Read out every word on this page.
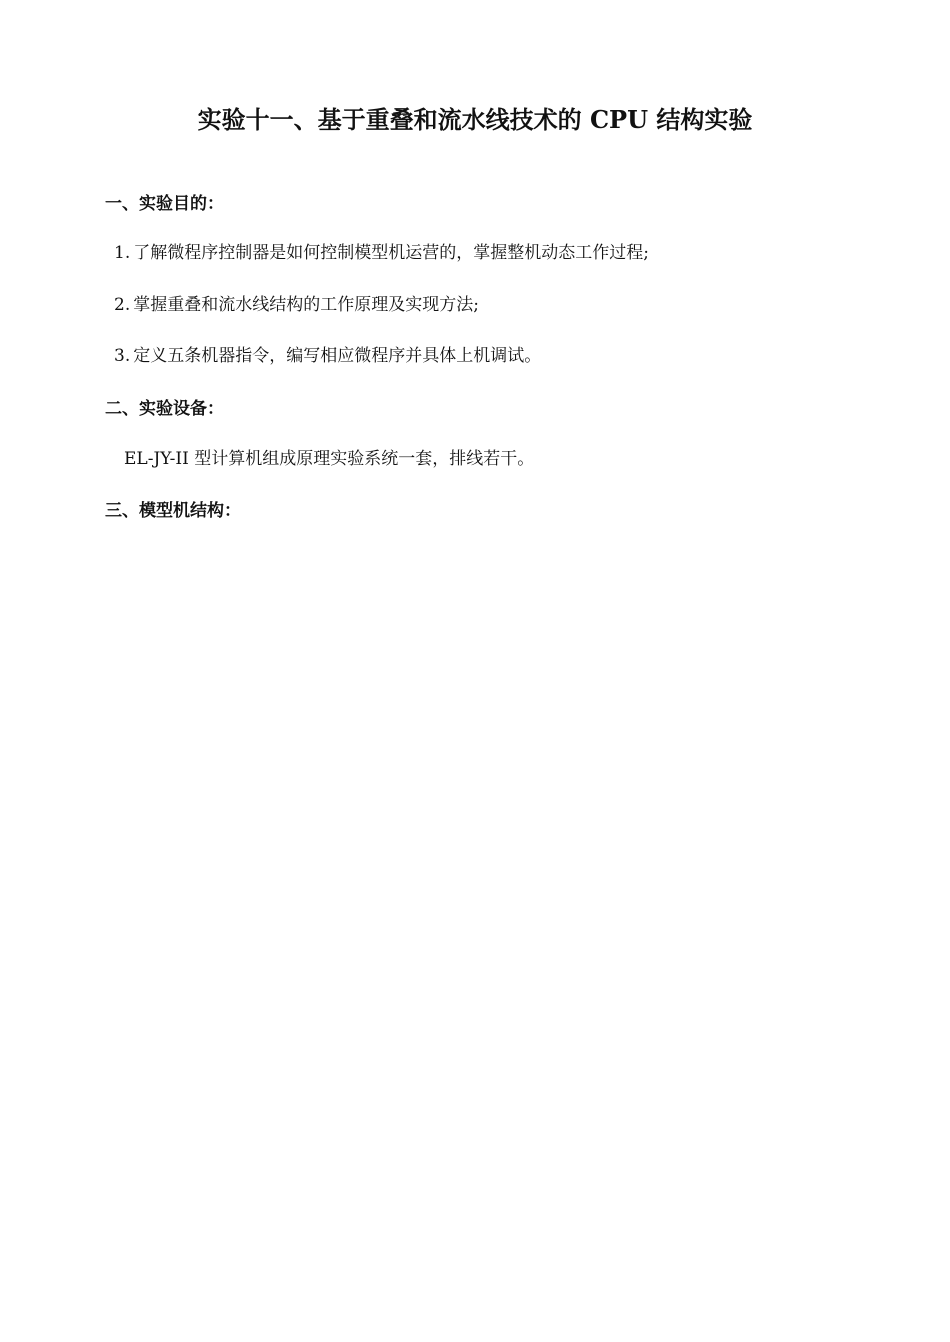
实验十一、基于重叠和流水线技术的 CPU 结构实验
一、实验目的：
1. 了解微程序控制器是如何控制模型机运营的，掌握整机动态工作过程;
2. 掌握重叠和流水线结构的工作原理及实现方法;
3. 定义五条机器指令，编写相应微程序并具体上机调试。
二、实验设备：
EL-JY-II 型计算机组成原理实验系统一套，排线若干。
三、模型机结构：
